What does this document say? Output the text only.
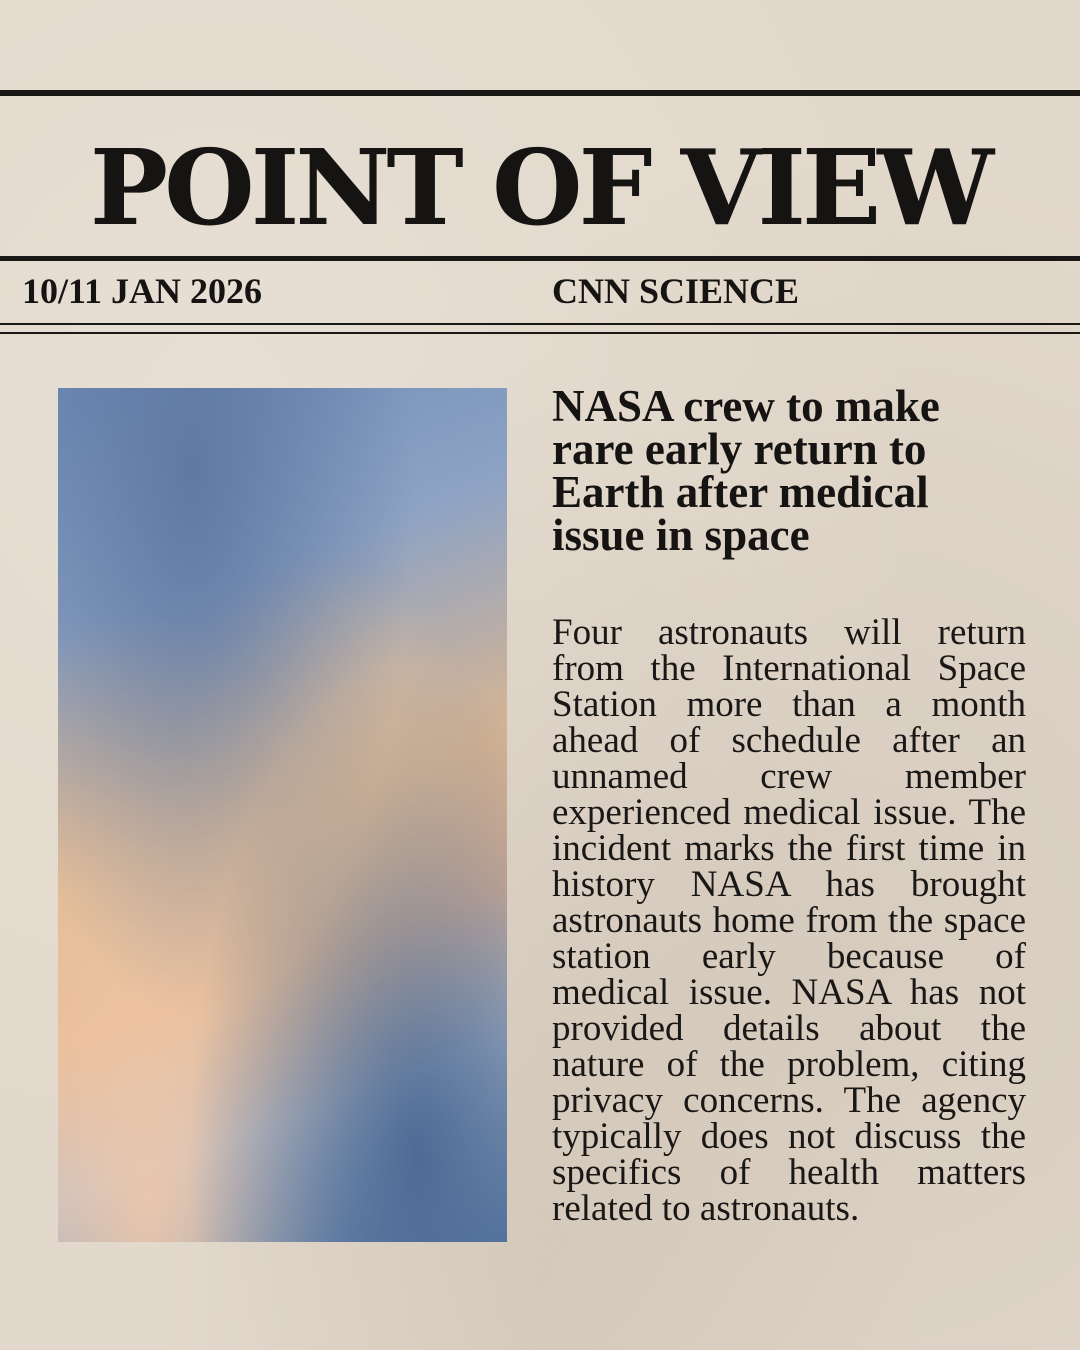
POINT OF VIEW
10/11 JAN 2026	CNN SCIENCE
NASA crew to make rare early return to Earth after medical issue in space

Four astronauts will return from the International Space Station more than a month ahead of schedule after an unnamed crew member experienced medical issue. The incident marks the first time in history NASA has brought astronauts home from the space station early because of medical issue. NASA has not provided details about the nature of the problem, citing privacy concerns. The agency typically does not discuss the specifics of health matters related to astronauts.
